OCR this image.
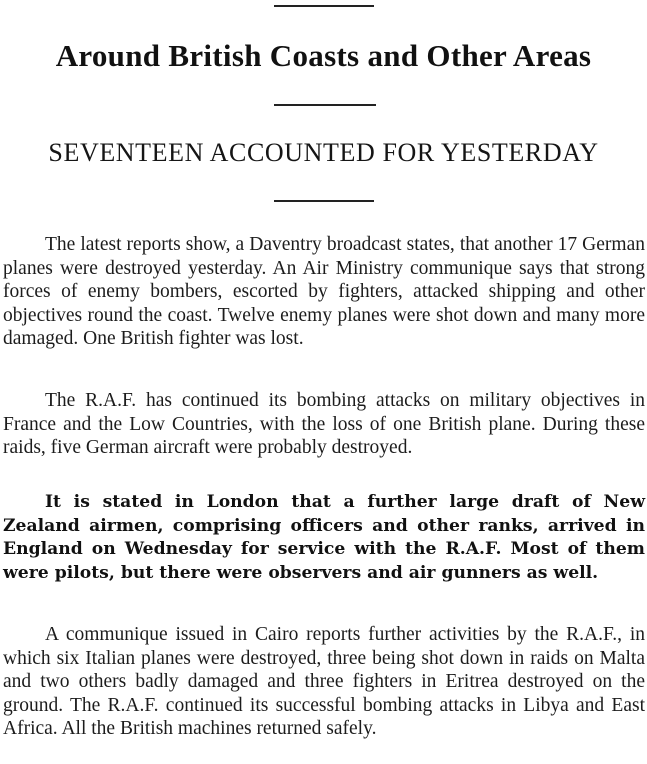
Around British Coasts and Other Areas
SEVENTEEN ACCOUNTED FOR YESTERDAY

The latest reports show, a Daventry broadcast states, that another 17 German planes were destroyed yesterday. An Air Ministry communique says that strong forces of enemy bombers, escorted by fighters, attacked shipping and other objectives round the coast. Twelve enemy planes were shot down and many more damaged. One British fighter was lost.

The R.A.F. has continued its bombing attacks on military objectives in France and the Low Countries, with the loss of one British plane. During these raids, five German aircraft were probably destroyed.

It is stated in London that a further large draft of New Zealand airmen, comprising officers and other ranks, arrived in England on Wednesday for service with the R.A.F. Most of them were pilots, but there were observers and air gunners as well.

A communique issued in Cairo reports further activities by the R.A.F., in which six Italian planes were destroyed, three being shot down in raids on Malta and two others badly damaged and three fighters in Eritrea destroyed on the ground. The R.A.F. continued its successful bombing attacks in Libya and East Africa. All the British machines returned safely.
